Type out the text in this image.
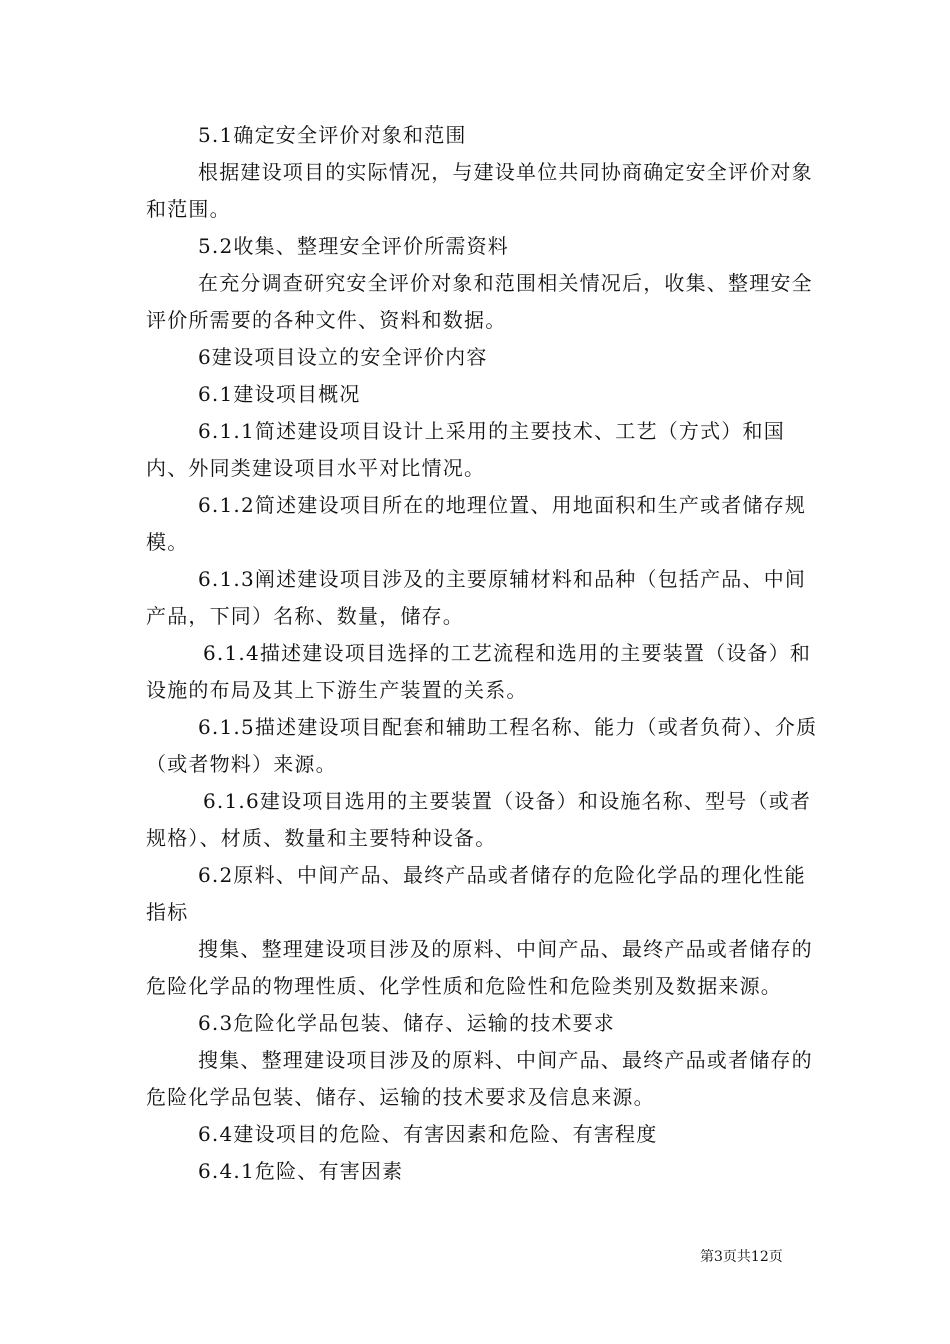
5.1确定安全评价对象和范围

根据建设项目的实际情况，与建设单位共同协商确定安全评价对象和范围。

5.2收集、整理安全评价所需资料

在充分调查研究安全评价对象和范围相关情况后，收集、整理安全评价所需要的各种文件、资料和数据。

6建设项目设立的安全评价内容

6.1建设项目概况

6.1.1简述建设项目设计上采用的主要技术、工艺（方式）和国内、外同类建设项目水平对比情况。

6.1.2简述建设项目所在的地理位置、用地面积和生产或者储存规模。

6.1.3阐述建设项目涉及的主要原辅材料和品种（包括产品、中间产品，下同）名称、数量，储存。

6.1.4描述建设项目选择的工艺流程和选用的主要装置（设备）和设施的布局及其上下游生产装置的关系。

6.1.5描述建设项目配套和辅助工程名称、能力（或者负荷）、介质（或者物料）来源。

6.1.6建设项目选用的主要装置（设备）和设施名称、型号（或者规格）、材质、数量和主要特种设备。

6.2原料、中间产品、最终产品或者储存的危险化学品的理化性能指标

搜集、整理建设项目涉及的原料、中间产品、最终产品或者储存的危险化学品的物理性质、化学性质和危险性和危险类别及数据来源。

6.3危险化学品包装、储存、运输的技术要求

搜集、整理建设项目涉及的原料、中间产品、最终产品或者储存的危险化学品包装、储存、运输的技术要求及信息来源。

6.4建设项目的危险、有害因素和危险、有害程度

6.4.1危险、有害因素

第3页共12页
